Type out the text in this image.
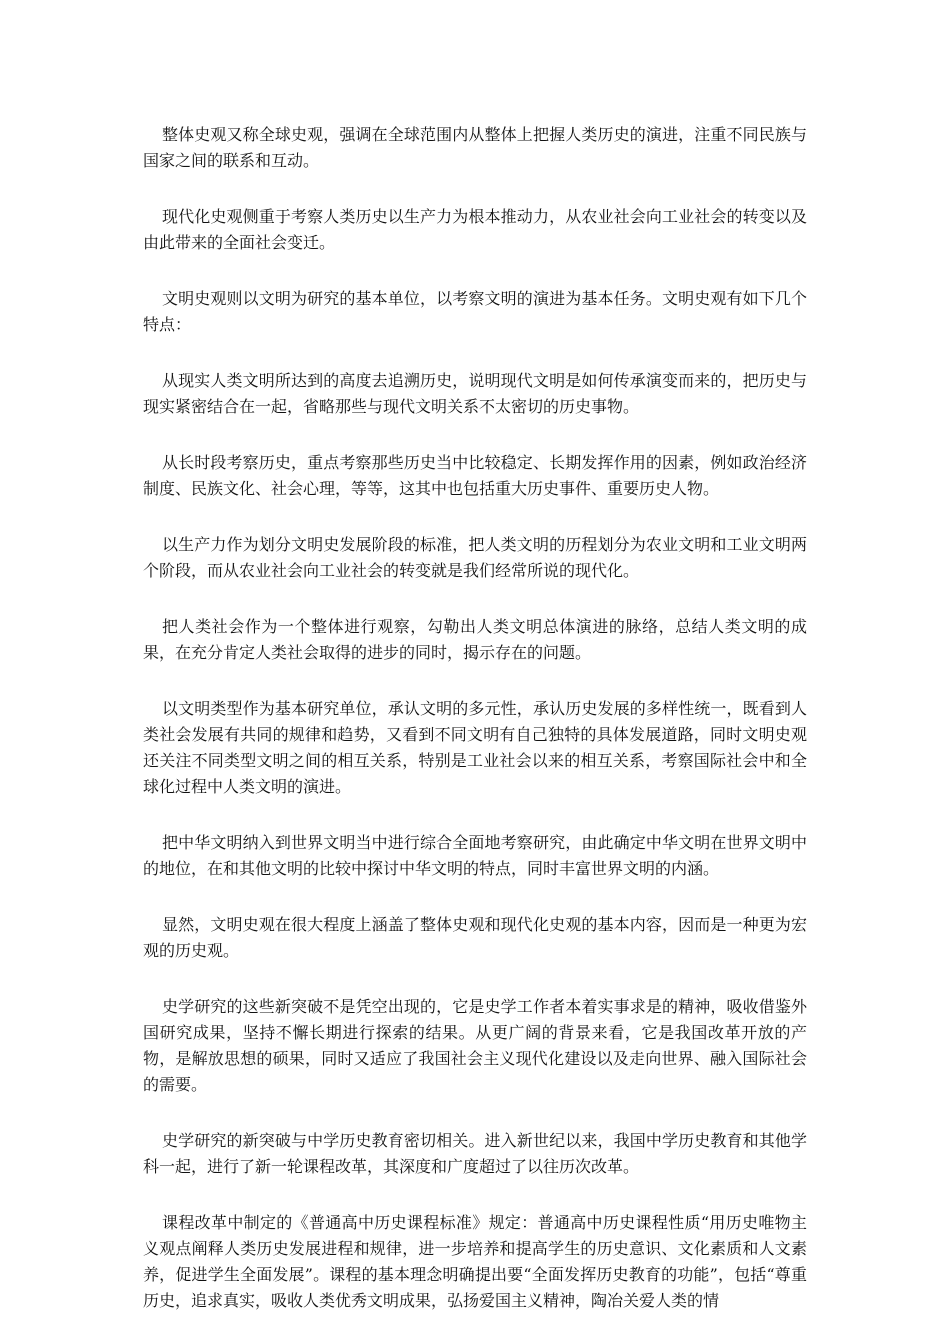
整体史观又称全球史观，强调在全球范围内从整体上把握人类历史的演进，注重不同民族与国家之间的联系和互动。

现代化史观侧重于考察人类历史以生产力为根本推动力，从农业社会向工业社会的转变以及由此带来的全面社会变迁。

文明史观则以文明为研究的基本单位，以考察文明的演进为基本任务。文明史观有如下几个特点：

从现实人类文明所达到的高度去追溯历史，说明现代文明是如何传承演变而来的，把历史与现实紧密结合在一起，省略那些与现代文明关系不太密切的历史事物。

从长时段考察历史，重点考察那些历史当中比较稳定、长期发挥作用的因素，例如政治经济制度、民族文化、社会心理，等等，这其中也包括重大历史事件、重要历史人物。

以生产力作为划分文明史发展阶段的标准，把人类文明的历程划分为农业文明和工业文明两个阶段，而从农业社会向工业社会的转变就是我们经常所说的现代化。

把人类社会作为一个整体进行观察，勾勒出人类文明总体演进的脉络，总结人类文明的成果，在充分肯定人类社会取得的进步的同时，揭示存在的问题。

以文明类型作为基本研究单位，承认文明的多元性，承认历史发展的多样性统一，既看到人类社会发展有共同的规律和趋势，又看到不同文明有自己独特的具体发展道路，同时文明史观还关注不同类型文明之间的相互关系，特别是工业社会以来的相互关系，考察国际社会中和全球化过程中人类文明的演进。

把中华文明纳入到世界文明当中进行综合全面地考察研究，由此确定中华文明在世界文明中的地位，在和其他文明的比较中探讨中华文明的特点，同时丰富世界文明的内涵。

显然，文明史观在很大程度上涵盖了整体史观和现代化史观的基本内容，因而是一种更为宏观的历史观。

史学研究的这些新突破不是凭空出现的，它是史学工作者本着实事求是的精神，吸收借鉴外国研究成果，坚持不懈长期进行探索的结果。从更广阔的背景来看，它是我国改革开放的产物，是解放思想的硕果，同时又适应了我国社会主义现代化建设以及走向世界、融入国际社会的需要。

史学研究的新突破与中学历史教育密切相关。进入新世纪以来，我国中学历史教育和其他学科一起，进行了新一轮课程改革，其深度和广度超过了以往历次改革。

课程改革中制定的《普通高中历史课程标准》规定：普通高中历史课程性质“用历史唯物主义观点阐释人类历史发展进程和规律，进一步培养和提高学生的历史意识、文化素质和人文素养，促进学生全面发展”。课程的基本理念明确提出要“全面发挥历史教育的功能”，包括“尊重历史，追求真实，吸收人类优秀文明成果，弘扬爱国主义精神，陶冶关爱人类的情
